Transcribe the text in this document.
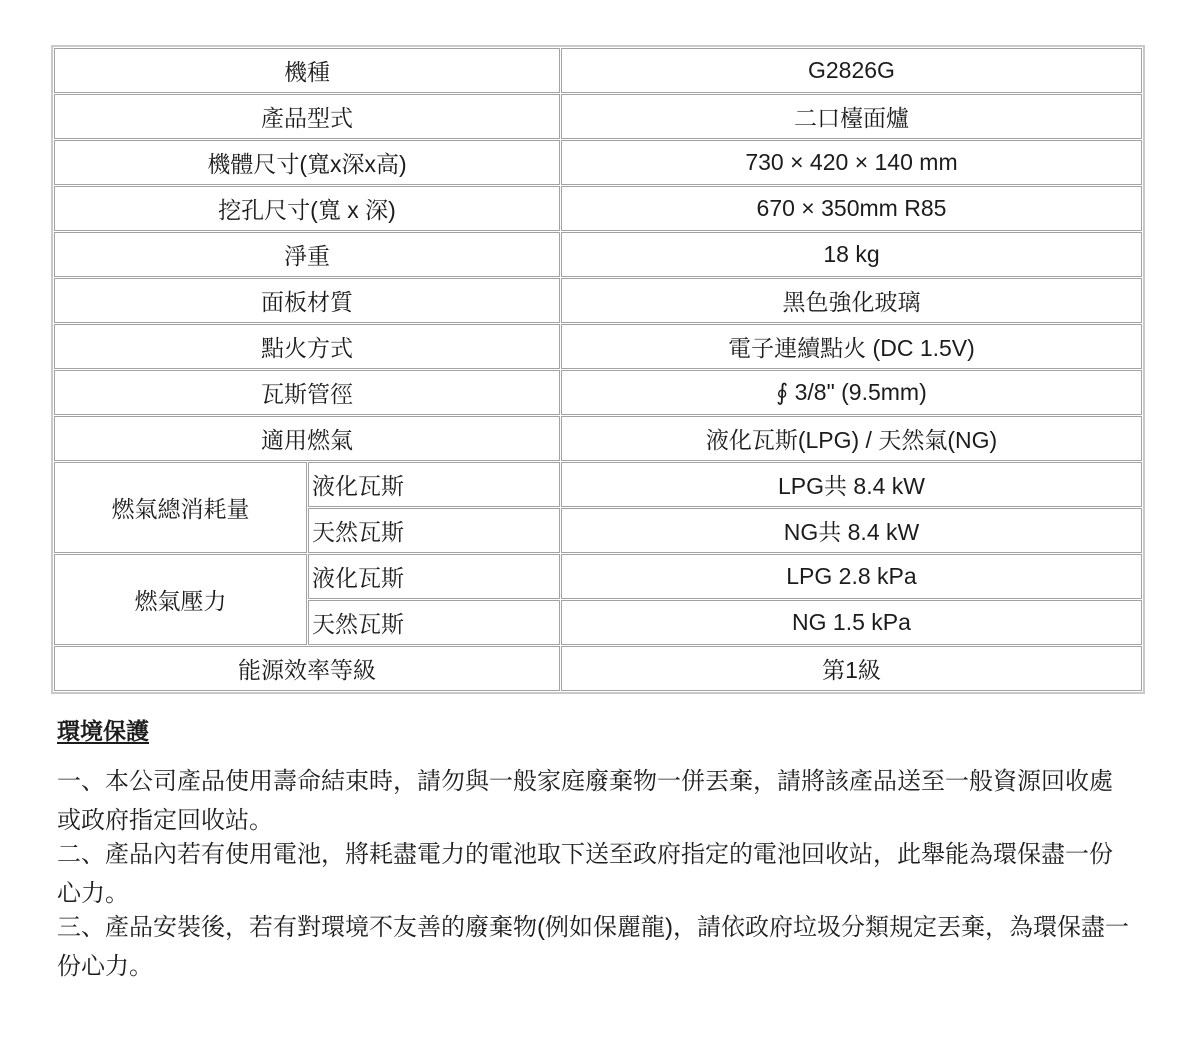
機種		G2826G
產品型式		二口檯面爐
機體尺寸(寬x深x高)		730 × 420 × 140 mm
挖孔尺寸(寬 x 深)		670 × 350mm R85
淨重		18 kg
面板材質		黑色強化玻璃
點火方式		電子連續點火 (DC 1.5V)
瓦斯管徑		∮ 3/8" (9.5mm)
適用燃氣		液化瓦斯(LPG) / 天然氣(NG)
燃氣總消耗量	液化瓦斯	LPG共 8.4 kW
	天然瓦斯	NG共 8.4 kW
燃氣壓力	液化瓦斯	LPG 2.8 kPa
	天然瓦斯	NG 1.5 kPa
能源效率等級		第1級
環境保護
一、本公司產品使用壽命結束時，請勿與一般家庭廢棄物一併丟棄，請將該產品送至一般資源回收處
或政府指定回收站。
二、產品內若有使用電池，將耗盡電力的電池取下送至政府指定的電池回收站，此舉能為環保盡一份
心力。
三、產品安裝後，若有對環境不友善的廢棄物(例如保麗龍)，請依政府垃圾分類規定丟棄，為環保盡一
份心力。
